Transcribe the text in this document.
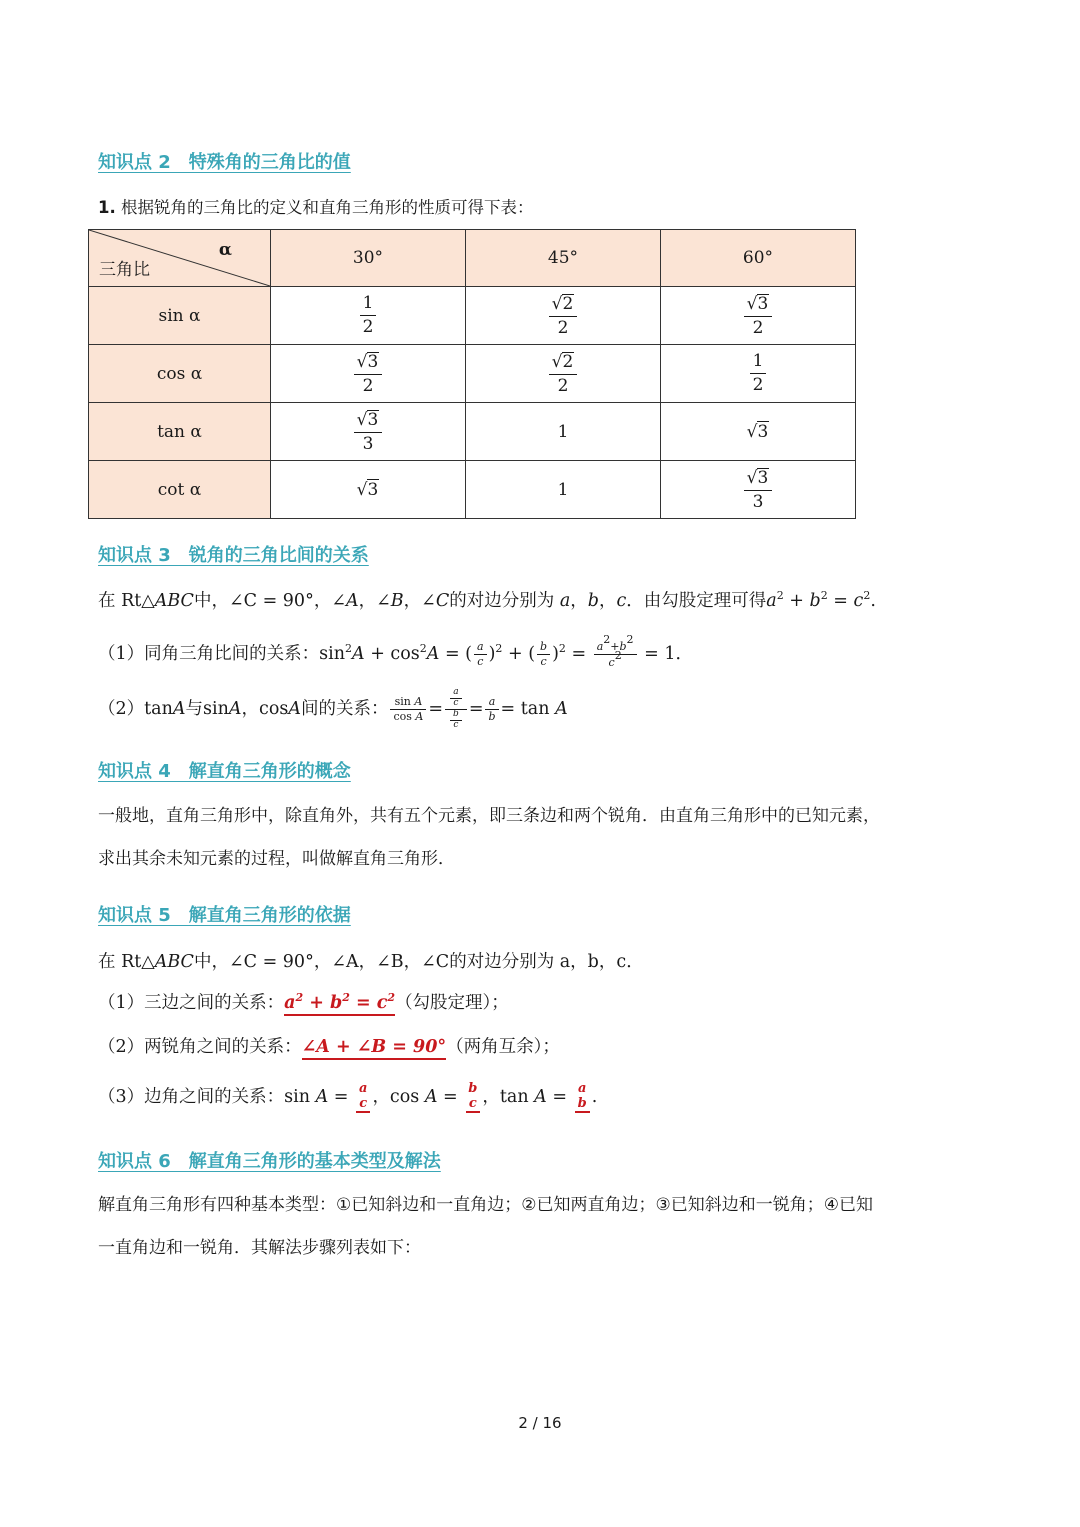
知识点 2　特殊角的三角比的值
1. 根据锐角的三角比的定义和直角三角形的性质可得下表：
α
三角比	30°	45°	60°
sin α	$\frac{1}{2}$	$\frac{√2}{2}$	$\frac{√3}{2}$

cos α	$\frac{√3}{2}$	$\frac{√2}{2}$	$\frac{1}{2}$

tan α	$\frac{√3}{3}$	1	√3
cot α	√3	1	$\frac{√3}{3}$
知识点 3　锐角的三角比间的关系
在 Rt△ABC中，∠C = 90°，∠A，∠B，∠C的对边分别为 a，b，c．由勾股定理可得$a^2 + b^2 = c^2$.
（1）同角三角比间的关系：$\sin^2A + \cos^2A$ = ( $\frac{a}{c} )^2$ + ( $\frac{b}{c} )^2 = \frac{a^2+b^2}{c^2} = 1$．
（2）tanA与sinA，cosA间的关系： $\frac{\text{sin A}}{\text{cos A}} = \frac{\frac{a}{c}}{\frac{b}{c}} = \frac{a}{b} = \tan A$
知识点 4　解直角三角形的概念
一般地，直角三角形中，除直角外，共有五个元素，即三条边和两个锐角．由直角三角形中的已知元素，
求出其余未知元素的过程，叫做解直角三角形．
知识点 5　解直角三角形的依据
在 Rt△ABC中，∠C = 90°，∠A，∠B，∠C的对边分别为 a，b，c．
（1）三边之间的关系：$a^2 + b^2 = c^2$（勾股定理）；
（2）两锐角之间的关系：∠A + ∠B = 90°（两角互余）；
（3）边角之间的关系：sin A = a
c ，cos A = b
c ，tan A = a
b .
知识点 6　解直角三角形的基本类型及解法
解直角三角形有四种基本类型：①已知斜边和一直角边；②已知两直角边；③已知斜边和一锐角；④已知
一直角边和一锐角．其解法步骤列表如下：
2 / 16
